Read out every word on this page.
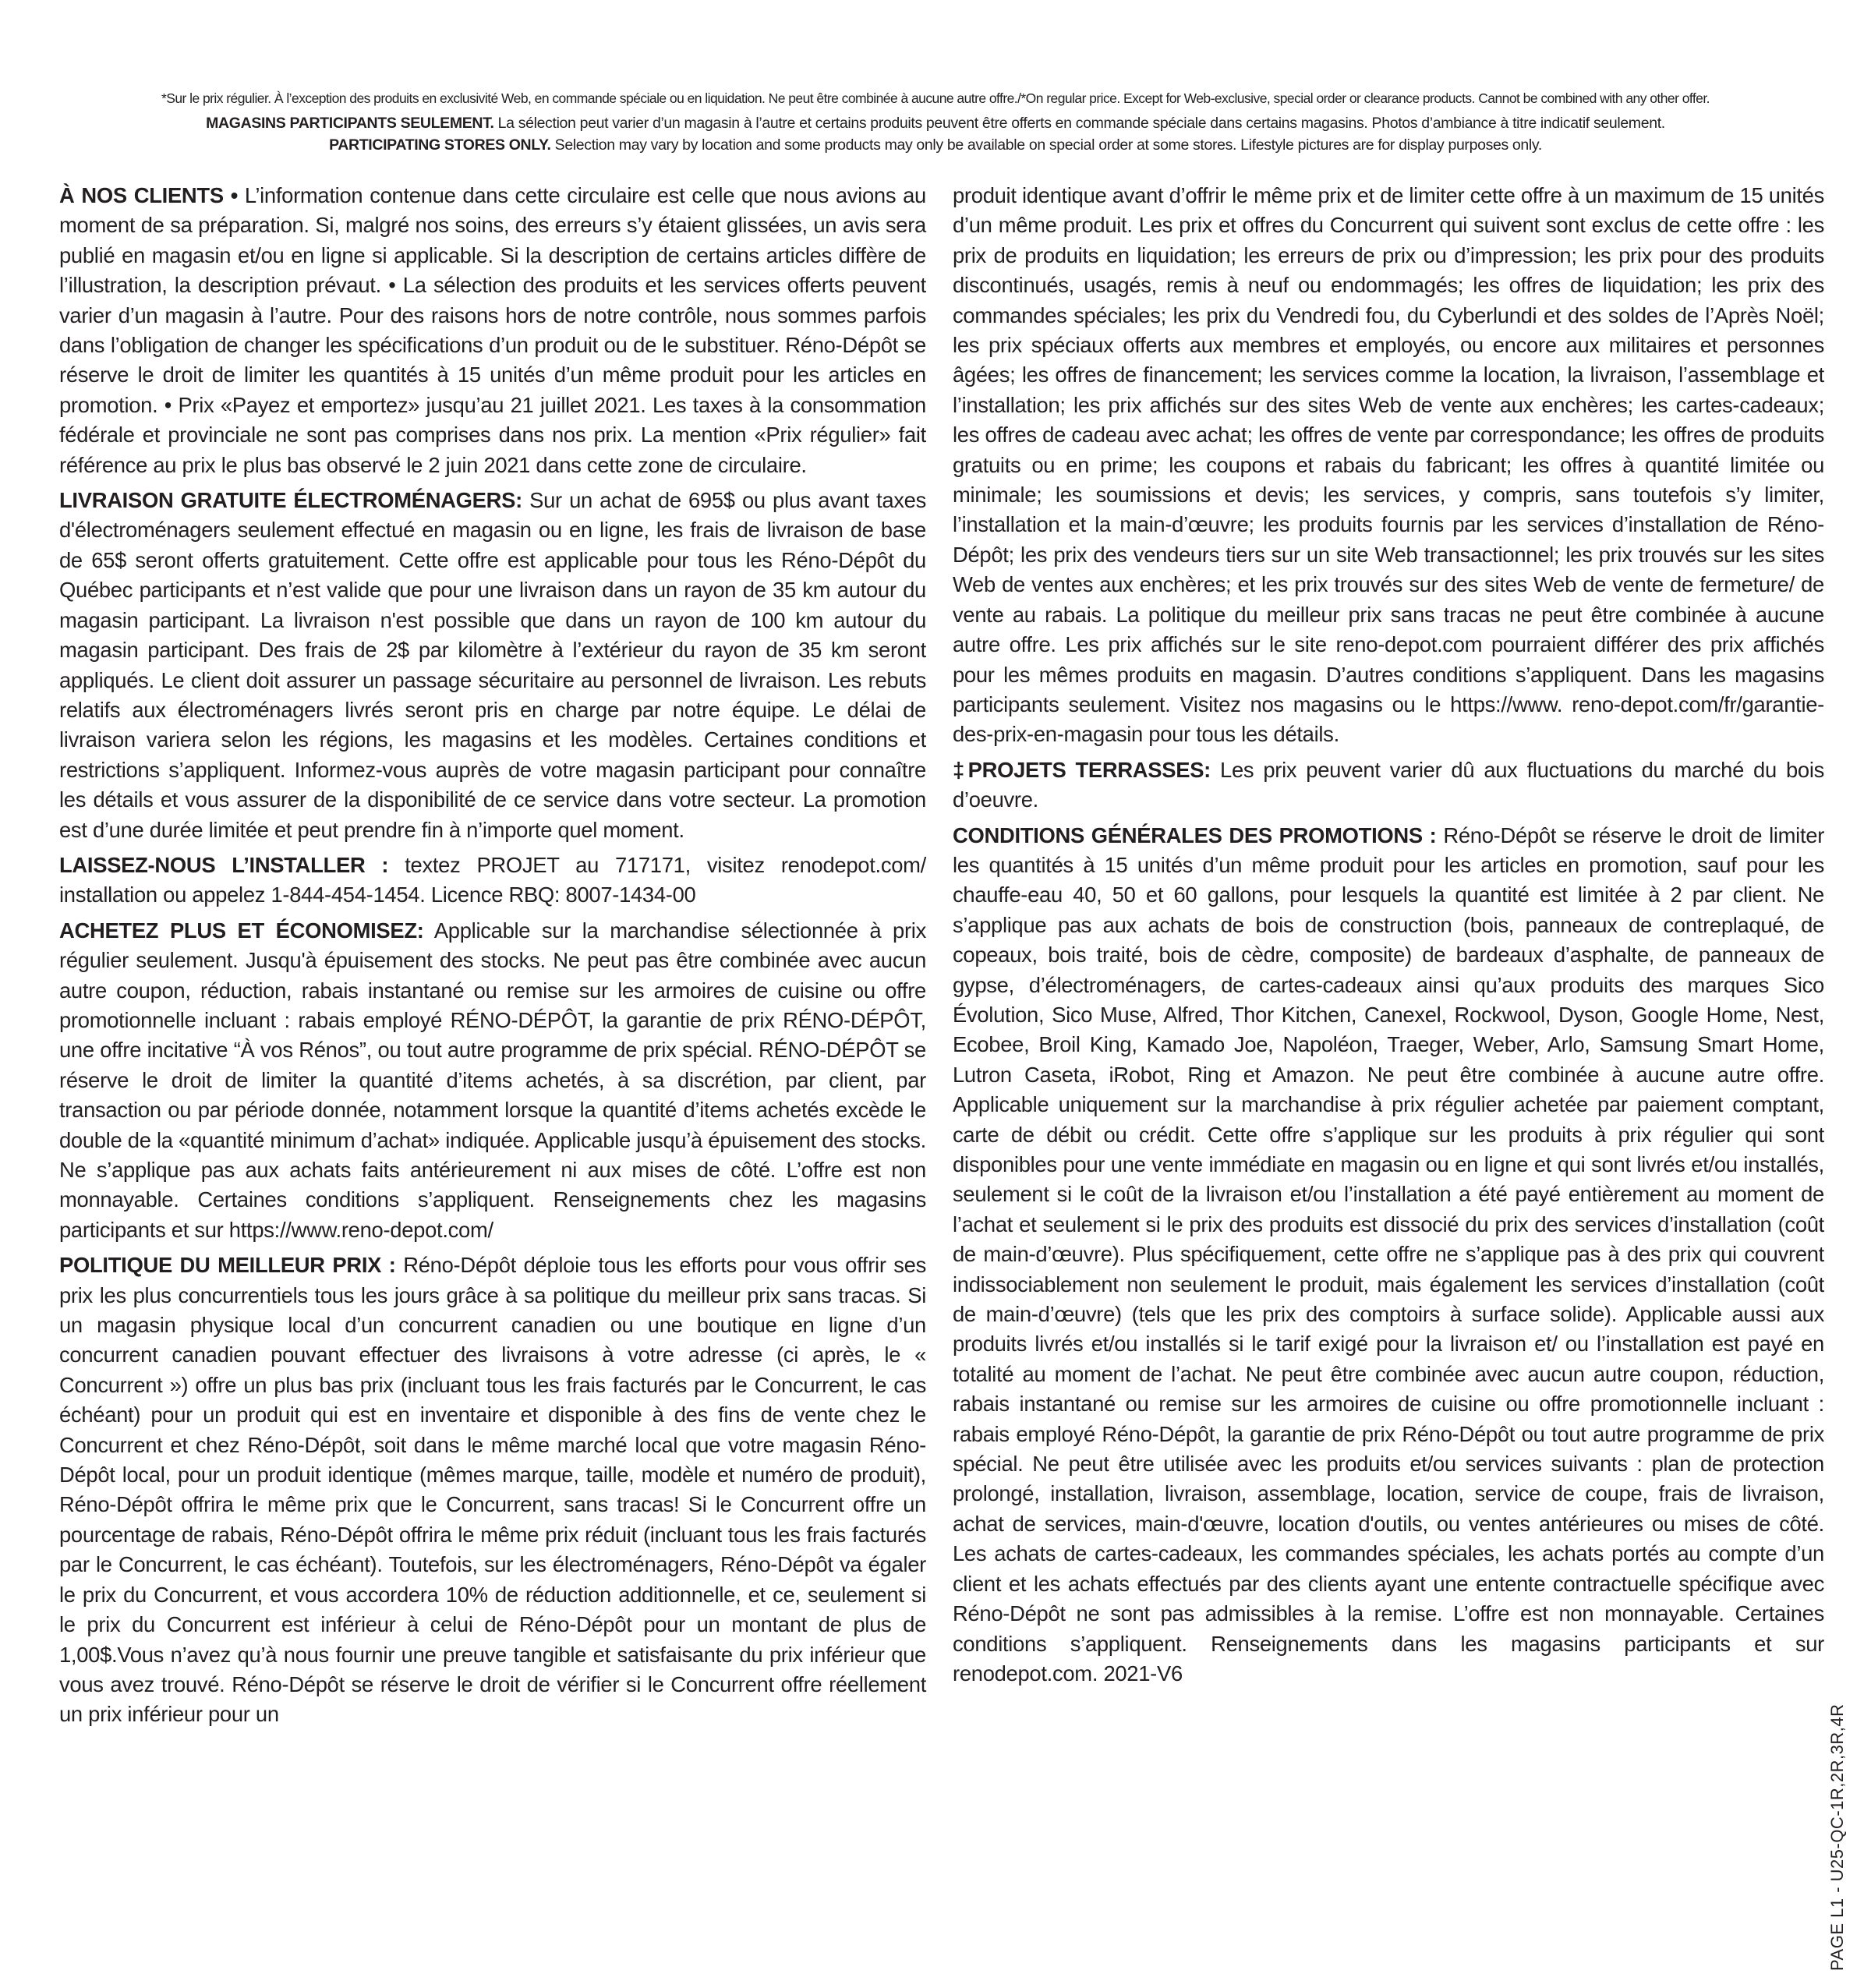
*Sur le prix régulier. À l’exception des produits en exclusivité Web, en commande spéciale ou en liquidation. Ne peut être combinée à aucune autre offre./*On regular price. Except for Web-exclusive, special order or clearance products. Cannot be combined with any other offer.
MAGASINS PARTICIPANTS SEULEMENT. La sélection peut varier d’un magasin à l’autre et certains produits peuvent être offerts en commande spéciale dans certains magasins. Photos d’ambiance à titre indicatif seulement.
PARTICIPATING STORES ONLY. Selection may vary by location and some products may only be available on special order at some stores. Lifestyle pictures are for display purposes only.

À NOS CLIENTS • L’information contenue dans cette circulaire est celle que nous avions au moment de sa préparation. Si, malgré nos soins, des erreurs s’y étaient glissées, un avis sera publié en magasin et/ou en ligne si applicable. Si la description de certains articles diffère de l’illustration, la description prévaut. • La sélection des produits et les services offerts peuvent varier d’un magasin à l’autre. Pour des raisons hors de notre contrôle, nous sommes parfois dans l’obligation de changer les spécifications d’un produit ou de le substituer. Réno-Dépôt se réserve le droit de limiter les quantités à 15 unités d’un même produit pour les articles en promotion. • Prix «Payez et emportez» jusqu’au 21 juillet 2021. Les taxes à la consommation fédérale et provinciale ne sont pas comprises dans nos prix. La mention «Prix régulier» fait référence au prix le plus bas observé le 2 juin 2021 dans cette zone de circulaire.

LIVRAISON GRATUITE ÉLECTROMÉNAGERS: Sur un achat de 695$ ou plus avant taxes d'électroménagers seulement effectué en magasin ou en ligne, les frais de livraison de base de 65$ seront offerts gratuitement. Cette offre est applicable pour tous les Réno-Dépôt du Québec participants et n’est valide que pour une livraison dans un rayon de 35 km autour du magasin participant. La livraison n'est possible que dans un rayon de 100 km autour du magasin participant. Des frais de 2$ par kilomètre à l’extérieur du rayon de 35 km seront appliqués. Le client doit assurer un passage sécuritaire au personnel de livraison. Les rebuts relatifs aux électroménagers livrés seront pris en charge par notre équipe. Le délai de livraison variera selon les régions, les magasins et les modèles. Certaines conditions et restrictions s’appliquent. Informez-vous auprès de votre magasin participant pour connaître les détails et vous assurer de la disponibilité de ce service dans votre secteur. La promotion est d’une durée limitée et peut prendre fin à n’importe quel moment.

LAISSEZ-NOUS L’INSTALLER : textez PROJET au 717171, visitez renodepot.com/ installation ou appelez 1-844-454-1454. Licence RBQ: 8007-1434-00

ACHETEZ PLUS ET ÉCONOMISEZ: Applicable sur la marchandise sélectionnée à prix régulier seulement. Jusqu'à épuisement des stocks. Ne peut pas être combinée avec aucun autre coupon, réduction, rabais instantané ou remise sur les armoires de cuisine ou offre promotionnelle incluant : rabais employé RÉNO-DÉPÔT, la garantie de prix RÉNO-DÉPÔT, une offre incitative “À vos Rénos”, ou tout autre programme de prix spécial. RÉNO-DÉPÔT se réserve le droit de limiter la quantité d’items achetés, à sa discrétion, par client, par transaction ou par période donnée, notamment lorsque la quantité d’items achetés excède le double de la «quantité minimum d’achat» indiquée. Applicable jusqu’à épuisement des stocks. Ne s’applique pas aux achats faits antérieurement ni aux mises de côté. L’offre est non monnayable. Certaines conditions s’appliquent. Renseignements chez les magasins participants et sur https://www.reno-depot.com/

POLITIQUE DU MEILLEUR PRIX : Réno-Dépôt déploie tous les efforts pour vous offrir ses prix les plus concurrentiels tous les jours grâce à sa politique du meilleur prix sans tracas. Si un magasin physique local d’un concurrent canadien ou une boutique en ligne d’un concurrent canadien pouvant effectuer des livraisons à votre adresse (ci après, le « Concurrent ») offre un plus bas prix (incluant tous les frais facturés par le Concurrent, le cas échéant) pour un produit qui est en inventaire et disponible à des fins de vente chez le Concurrent et chez Réno-Dépôt, soit dans le même marché local que votre magasin Réno-Dépôt local, pour un produit identique (mêmes marque, taille, modèle et numéro de produit), Réno-Dépôt offrira le même prix que le Concurrent, sans tracas! Si le Concurrent offre un pourcentage de rabais, Réno-Dépôt offrira le même prix réduit (incluant tous les frais facturés par le Concurrent, le cas échéant). Toutefois, sur les électroménagers, Réno-Dépôt va égaler le prix du Concurrent, et vous accordera 10% de réduction additionnelle, et ce, seulement si le prix du Concurrent est inférieur à celui de Réno-Dépôt pour un montant de plus de 1,00$.Vous n’avez qu’à nous fournir une preuve tangible et satisfaisante du prix inférieur que vous avez trouvé. Réno-Dépôt se réserve le droit de vérifier si le Concurrent offre réellement un prix inférieur pour un

produit identique avant d’offrir le même prix et de limiter cette offre à un maximum de 15 unités d’un même produit. Les prix et offres du Concurrent qui suivent sont exclus de cette offre : les prix de produits en liquidation; les erreurs de prix ou d’impression; les prix pour des produits discontinués, usagés, remis à neuf ou endommagés; les offres de liquidation; les prix des commandes spéciales; les prix du Vendredi fou, du Cyberlundi et des soldes de l’Après Noël; les prix spéciaux offerts aux membres et employés, ou encore aux militaires et personnes âgées; les offres de financement; les services comme la location, la livraison, l’assemblage et l’installation; les prix affichés sur des sites Web de vente aux enchères; les cartes-cadeaux; les offres de cadeau avec achat; les offres de vente par correspondance; les offres de produits gratuits ou en prime; les coupons et rabais du fabricant; les offres à quantité limitée ou minimale; les soumissions et devis; les services, y compris, sans toutefois s’y limiter, l’installation et la main-d’œuvre; les produits fournis par les services d’installation de Réno-Dépôt; les prix des vendeurs tiers sur un site Web transactionnel; les prix trouvés sur les sites Web de ventes aux enchères; et les prix trouvés sur des sites Web de vente de fermeture/ de vente au rabais. La politique du meilleur prix sans tracas ne peut être combinée à aucune autre offre. Les prix affichés sur le site reno-depot.com pourraient différer des prix affichés pour les mêmes produits en magasin. D’autres conditions s’appliquent. Dans les magasins participants seulement. Visitez nos magasins ou le https://www. reno-depot.com/fr/garantie-des-prix-en-magasin pour tous les détails.

‡PROJETS TERRASSES: Les prix peuvent varier dû aux fluctuations du marché du bois d’oeuvre.

CONDITIONS GÉNÉRALES DES PROMOTIONS : Réno-Dépôt se réserve le droit de limiter les quantités à 15 unités d’un même produit pour les articles en promotion, sauf pour les chauffe-eau 40, 50 et 60 gallons, pour lesquels la quantité est limitée à 2 par client. Ne s’applique pas aux achats de bois de construction (bois, panneaux de contreplaqué, de copeaux, bois traité, bois de cèdre, composite) de bardeaux d’asphalte, de panneaux de gypse, d’électroménagers, de cartes-cadeaux ainsi qu’aux produits des marques Sico Évolution, Sico Muse, Alfred, Thor Kitchen, Canexel, Rockwool, Dyson, Google Home, Nest, Ecobee, Broil King, Kamado Joe, Napoléon, Traeger, Weber, Arlo, Samsung Smart Home, Lutron Caseta, iRobot, Ring et Amazon. Ne peut être combinée à aucune autre offre. Applicable uniquement sur la marchandise à prix régulier achetée par paiement comptant, carte de débit ou crédit. Cette offre s’applique sur les produits à prix régulier qui sont disponibles pour une vente immédiate en magasin ou en ligne et qui sont livrés et/ou installés, seulement si le coût de la livraison et/ou l’installation a été payé entièrement au moment de l’achat et seulement si le prix des produits est dissocié du prix des services d’installation (coût de main-d’œuvre). Plus spécifiquement, cette offre ne s’applique pas à des prix qui couvrent indissociablement non seulement le produit, mais également les services d’installation (coût de main-d’œuvre) (tels que les prix des comptoirs à surface solide). Applicable aussi aux produits livrés et/ou installés si le tarif exigé pour la livraison et/ ou l’installation est payé en totalité au moment de l’achat. Ne peut être combinée avec aucun autre coupon, réduction, rabais instantané ou remise sur les armoires de cuisine ou offre promotionnelle incluant : rabais employé Réno-Dépôt, la garantie de prix Réno-Dépôt ou tout autre programme de prix spécial. Ne peut être utilisée avec les produits et/ou services suivants : plan de protection prolongé, installation, livraison, assemblage, location, service de coupe, frais de livraison, achat de services, main-d'œuvre, location d'outils, ou ventes antérieures ou mises de côté. Les achats de cartes-cadeaux, les commandes spéciales, les achats portés au compte d’un client et les achats effectués par des clients ayant une entente contractuelle spécifique avec Réno-Dépôt ne sont pas admissibles à la remise. L’offre est non monnayable. Certaines conditions s’appliquent. Renseignements dans les magasins participants et sur renodepot.com. 2021-V6

PAGE L1 - U25-QC-1R,2R,3R,4R
